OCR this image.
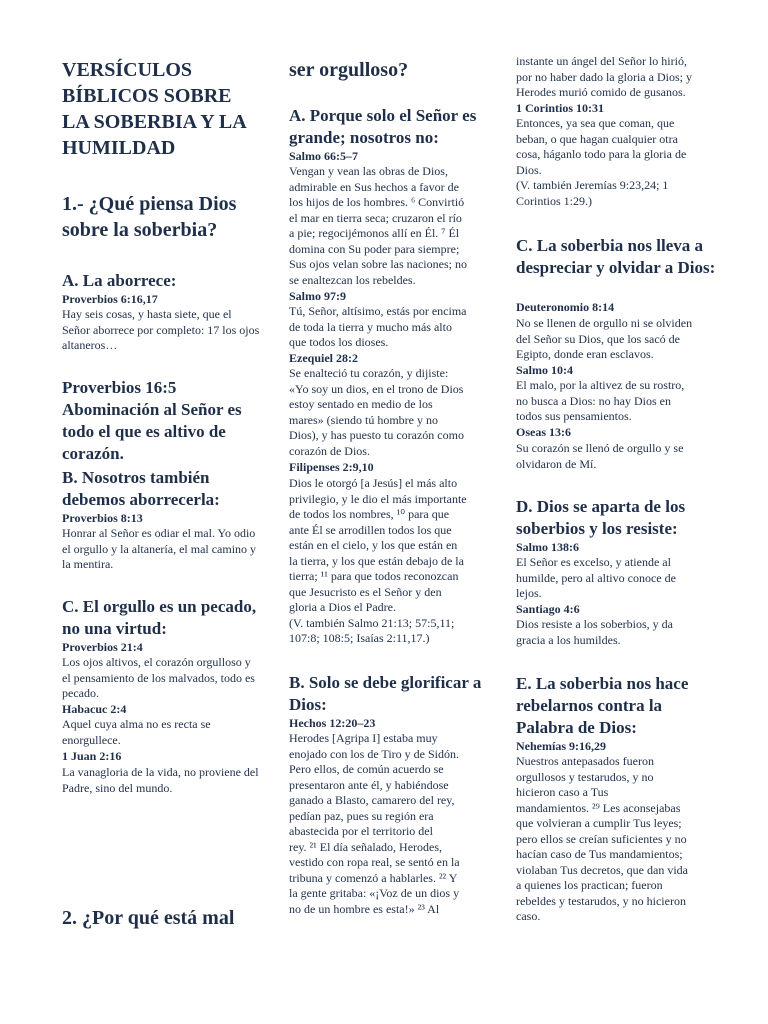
VERSÍCULOS BÍBLICOS SOBRE LA SOBERBIA Y LA HUMILDAD
1.- ¿Qué piensa Dios sobre la soberbia?
A. La aborrece:
Proverbios 6:16,17
Hay seis cosas, y hasta siete, que el Señor aborrece por completo: 17 los ojos altaneros…
Proverbios 16:5 Abominación al Señor es todo el que es altivo de corazón.
B. Nosotros también debemos aborrecerla:
Proverbios 8:13
Honrar al Señor es odiar el mal. Yo odio el orgullo y la altanería, el mal camino y la mentira.
C. El orgullo es un pecado, no una virtud:
Proverbios 21:4
Los ojos altivos, el corazón orgulloso y el pensamiento de los malvados, todo es pecado.
Habacuc 2:4
Aquel cuya alma no es recta se enorgullece.
1 Juan 2:16
La vanagloria de la vida, no proviene del Padre, sino del mundo.
2. ¿Por qué está mal
ser orgulloso?
A. Porque solo el Señor es grande; nosotros no:
Salmo 66:5–7
Vengan y vean las obras de Dios,
admirable en Sus hechos a favor de
los hijos de los hombres. ⁶ Convirtió
el mar en tierra seca; cruzaron el río
a pie; regocijémonos allí en Él. ⁷ Él
domina con Su poder para siempre;
Sus ojos velan sobre las naciones; no
se enaltezcan los rebeldes.
Salmo 97:9
Tú, Señor, altísimo, estás por encima
de toda la tierra y mucho más alto
que todos los dioses.
Ezequiel 28:2
Se enalteció tu corazón, y dijiste:
«Yo soy un dios, en el trono de Dios
estoy sentado en medio de los
mares» (siendo tú hombre y no
Dios), y has puesto tu corazón como
corazón de Dios.
Filipenses 2:9,10
Dios le otorgó [a Jesús] el más alto
privilegio, y le dio el más importante
de todos los nombres, ¹⁰ para que
ante Él se arrodillen todos los que
están en el cielo, y los que están en
la tierra, y los que están debajo de la
tierra; ¹¹ para que todos reconozcan
que Jesucristo es el Señor y den
gloria a Dios el Padre.
(V. también Salmo 21:13; 57:5,11;
107:8; 108:5; Isaías 2:11,17.)
B. Solo se debe glorificar a Dios:
Hechos 12:20–23
Herodes [Agripa I] estaba muy
enojado con los de Tiro y de Sidón.
Pero ellos, de común acuerdo se
presentaron ante él, y habiéndose
ganado a Blasto, camarero del rey,
pedían paz, pues su región era
abastecida por el territorio del
rey. ²¹ El día señalado, Herodes,
vestido con ropa real, se sentó en la
tribuna y comenzó a hablarles. ²² Y
la gente gritaba: «¡Voz de un dios y
no de un hombre es esta!» ²³ Al
instante un ángel del Señor lo hirió,
por no haber dado la gloria a Dios; y
Herodes murió comido de gusanos.
1 Corintios 10:31
Entonces, ya sea que coman, que
beban, o que hagan cualquier otra
cosa, háganlo todo para la gloria de
Dios.
(V. también Jeremías 9:23,24; 1
Corintios 1:29.)
C. La soberbia nos lleva a despreciar y olvidar a Dios:
Deuteronomio 8:14
No se llenen de orgullo ni se olviden
del Señor su Dios, que los sacó de
Egipto, donde eran esclavos.
Salmo 10:4
El malo, por la altivez de su rostro,
no busca a Dios: no hay Dios en
todos sus pensamientos.
Oseas 13:6
Su corazón se llenó de orgullo y se
olvidaron de Mí.
D. Dios se aparta de los soberbios y los resiste:
Salmo 138:6
El Señor es excelso, y atiende al
humilde, pero al altivo conoce de
lejos.
Santiago 4:6
Dios resiste a los soberbios, y da
gracia a los humildes.
E. La soberbia nos hace rebelarnos contra la Palabra de Dios:
Nehemías 9:16,29
Nuestros antepasados fueron
orgullosos y testarudos, y no
hicieron caso a Tus
mandamientos. ²⁹ Les aconsejabas
que volvieran a cumplir Tus leyes;
pero ellos se creían suficientes y no
hacían caso de Tus mandamientos;
violaban Tus decretos, que dan vida
a quienes los practican; fueron
rebeldes y testarudos, y no hicieron
caso.
